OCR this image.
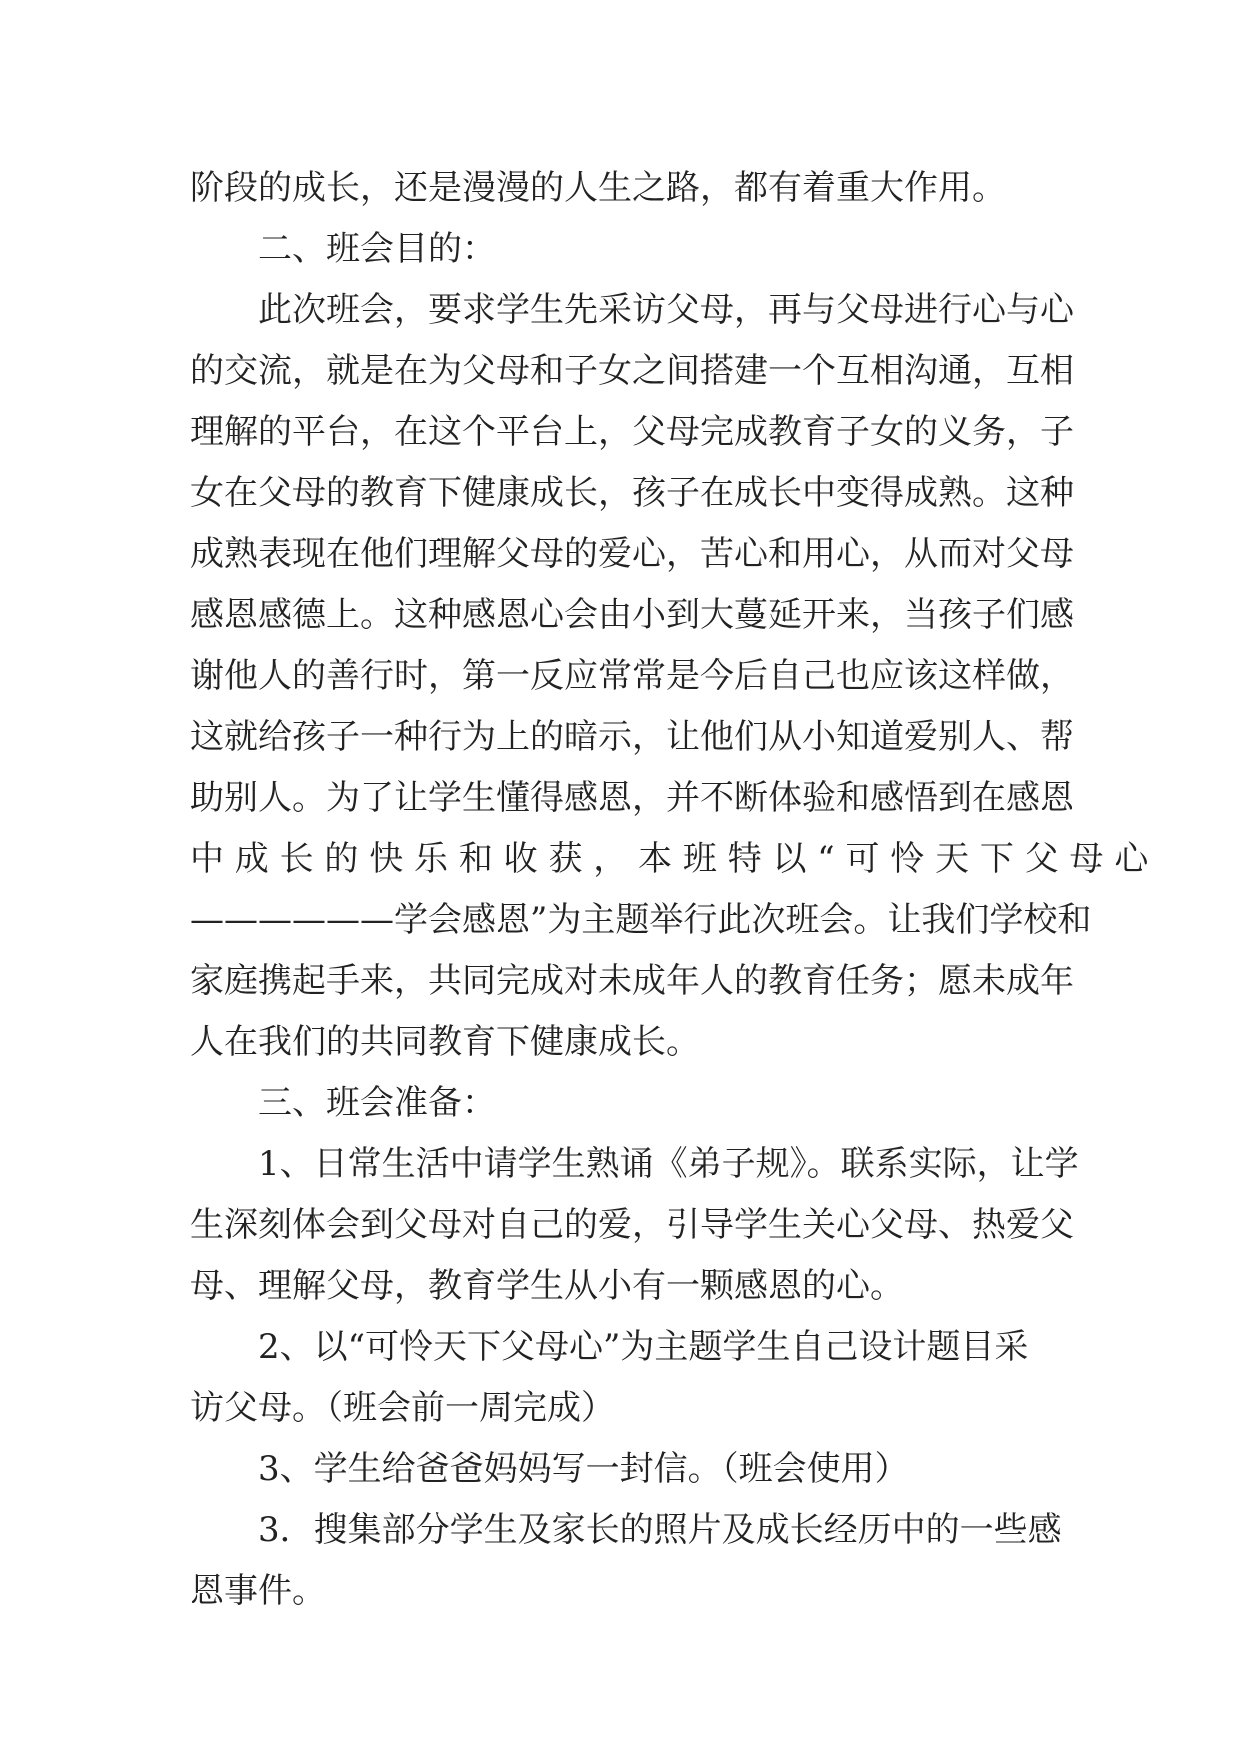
阶段的成长，还是漫漫的人生之路，都有着重大作用。
二、班会目的：
此次班会，要求学生先采访父母，再与父母进行心与心
的交流，就是在为父母和子女之间搭建一个互相沟通，互相
理解的平台，在这个平台上，父母完成教育子女的义务，子
女在父母的教育下健康成长，孩子在成长中变得成熟。这种
成熟表现在他们理解父母的爱心，苦心和用心，从而对父母
感恩感德上。这种感恩心会由小到大蔓延开来，当孩子们感
谢他人的善行时，第一反应常常是今后自己也应该这样做，
这就给孩子一种行为上的暗示，让他们从小知道爱别人、帮
助别人。为了让学生懂得感恩，并不断体验和感悟到在感恩
中 成 长 的 快 乐 和 收 获 ， 本 班 特 以 “ 可 怜 天 下 父 母 心
——————学会感恩”为主题举行此次班会。让我们学校和
家庭携起手来，共同完成对未成年人的教育任务；愿未成年
人在我们的共同教育下健康成长。
三、班会准备：
1、日常生活中请学生熟诵《弟子规》。联系实际，让学
生深刻体会到父母对自己的爱，引导学生关心父母、热爱父
母、理解父母，教育学生从小有一颗感恩的心。
2、以“可怜天下父母心”为主题学生自己设计题目采
访父母。（班会前一周完成）
3、学生给爸爸妈妈写一封信。（班会使用）
3．搜集部分学生及家长的照片及成长经历中的一些感
恩事件。
